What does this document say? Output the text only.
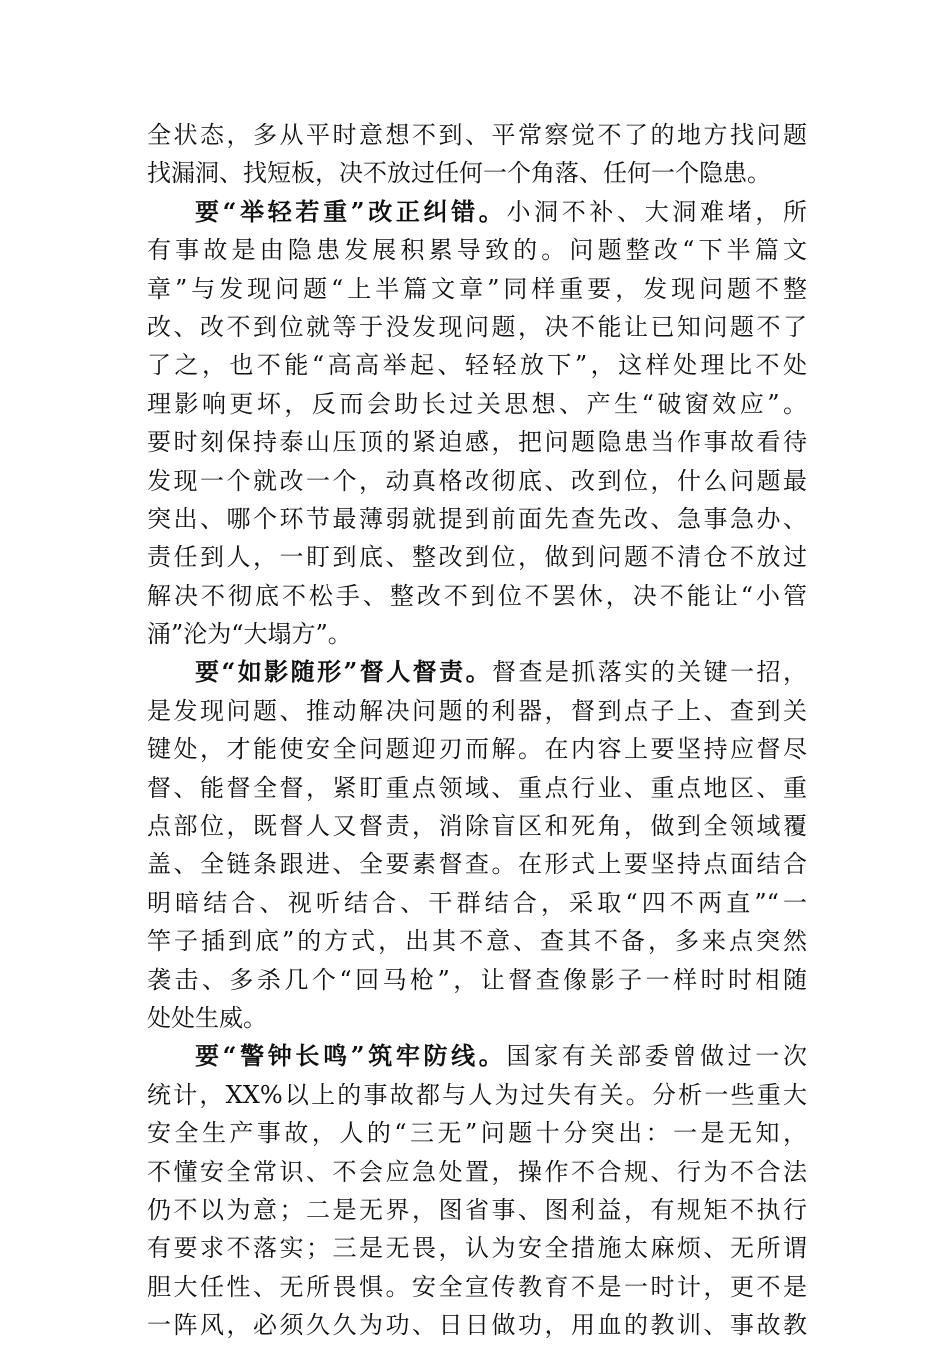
全状态，多从平时意想不到、平常察觉不了的地方找问题
找漏洞、找短板，决不放过任何一个角落、任何一个隐患。
要“举轻若重”改正纠错。小洞不补、大洞难堵，所
有事故是由隐患发展积累导致的。问题整改“下半篇文
章”与发现问题“上半篇文章”同样重要，发现问题不整
改、改不到位就等于没发现问题，决不能让已知问题不了
了之，也不能“高高举起、轻轻放下”，这样处理比不处
理影响更坏，反而会助长过关思想、产生“破窗效应”。
要时刻保持泰山压顶的紧迫感，把问题隐患当作事故看待
发现一个就改一个，动真格改彻底、改到位，什么问题最
突出、哪个环节最薄弱就提到前面先查先改、急事急办、
责任到人，一盯到底、整改到位，做到问题不清仓不放过
解决不彻底不松手、整改不到位不罢休，决不能让“小管
涌”沦为“大塌方”。
要“如影随形”督人督责。督查是抓落实的关键一招，
是发现问题、推动解决问题的利器，督到点子上、查到关
键处，才能使安全问题迎刃而解。在内容上要坚持应督尽
督、能督全督，紧盯重点领域、重点行业、重点地区、重
点部位，既督人又督责，消除盲区和死角，做到全领域覆
盖、全链条跟进、全要素督查。在形式上要坚持点面结合
明暗结合、视听结合、干群结合，采取“四不两直”“一
竿子插到底”的方式，出其不意、查其不备，多来点突然
袭击、多杀几个“回马枪”，让督查像影子一样时时相随
处处生威。
要“警钟长鸣”筑牢防线。国家有关部委曾做过一次
统计，XX%以上的事故都与人为过失有关。分析一些重大
安全生产事故，人的“三无”问题十分突出：一是无知，
不懂安全常识、不会应急处置，操作不合规、行为不合法
仍不以为意；二是无界，图省事、图利益，有规矩不执行
有要求不落实；三是无畏，认为安全措施太麻烦、无所谓
胆大任性、无所畏惧。安全宣传教育不是一时计，更不是
一阵风，必须久久为功、日日做功，用血的教训、事故教
